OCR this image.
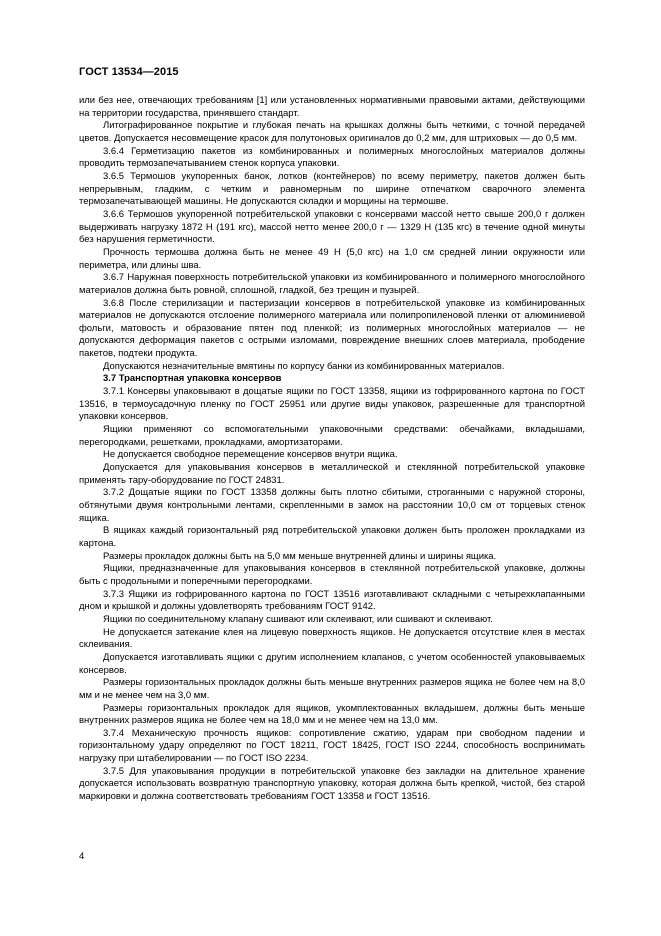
ГОСТ 13534—2015

или без нее, отвечающих требованиям [1] или установленных нормативными правовыми актами, действующими на территории государства, принявшего стандарт.

Литографированное покрытие и глубокая печать на крышках должны быть четкими, с точной передачей цветов. Допускается несовмещение красок для полутоновых оригиналов до 0,2 мм, для штриховых — до 0,5 мм.

3.6.4 Герметизацию пакетов из комбинированных и полимерных многослойных материалов должны проводить термозапечатыванием стенок корпуса упаковки.

3.6.5 Термошов укупоренных банок, лотков (контейнеров) по всему периметру, пакетов должен быть непрерывным, гладким, с четким и равномерным по ширине отпечатком сварочного элемента термозапечатывающей машины. Не допускаются складки и морщины на термошве.

3.6.6 Термошов укупоренной потребительской упаковки с консервами массой нетто свыше 200,0 г должен выдерживать нагрузку 1872 Н (191 кгс), массой нетто менее 200,0 г — 1329 Н (135 кгс) в течение одной минуты без нарушения герметичности.

Прочность термошва должна быть не менее 49 Н (5,0 кгс) на 1,0 см средней линии окружности или периметра, или длины шва.

3.6.7 Наружная поверхность потребительской упаковки из комбинированного и полимерного многослойного материалов должна быть ровной, сплошной, гладкой, без трещин и пузырей.

3.6.8 После стерилизации и пастеризации консервов в потребительской упаковке из комбинированных материалов не допускаются отслоение полимерного материала или полипропиленовой пленки от алюминиевой фольги, матовость и образование пятен под пленкой; из полимерных многослойных материалов — не допускаются деформация пакетов с острыми изломами, повреждение внешних слоев материала, прободение пакетов, подтеки продукта.

Допускаются незначительные вмятины по корпусу банки из комбинированных материалов.

3.7 Транспортная упаковка консервов

3.7.1 Консервы упаковывают в дощатые ящики по ГОСТ 13358, ящики из гофрированного картона по ГОСТ 13516, в термоусадочную пленку по ГОСТ 25951 или другие виды упаковок, разрешенные для транспортной упаковки консервов.

Ящики применяют со вспомогательными упаковочными средствами: обечайками, вкладышами, перегородками, решетками, прокладками, амортизаторами.

Не допускается свободное перемещение консервов внутри ящика.

Допускается для упаковывания консервов в металлической и стеклянной потребительской упаковке применять тару-оборудование по ГОСТ 24831.

3.7.2 Дощатые ящики по ГОСТ 13358 должны быть плотно сбитыми, строганными с наружной стороны, обтянутыми двумя контрольными лентами, скрепленными в замок на расстоянии 10,0 см от торцевых стенок ящика.

В ящиках каждый горизонтальный ряд потребительской упаковки должен быть проложен прокладками из картона.

Размеры прокладок должны быть на 5,0 мм меньше внутренней длины и ширины ящика.

Ящики, предназначенные для упаковывания консервов в стеклянной потребительской упаковке, должны быть с продольными и поперечными перегородками.

3.7.3 Ящики из гофрированного картона по ГОСТ 13516 изготавливают складными с четырехклапанными дном и крышкой и должны удовлетворять требованиям ГОСТ 9142.

Ящики по соединительному клапану сшивают или склеивают, или сшивают и склеивают.

Не допускается затекание клея на лицевую поверхность ящиков. Не допускается отсутствие клея в местах склеивания.

Допускается изготавливать ящики с другим исполнением клапанов, с учетом особенностей упаковываемых консервов.

Размеры горизонтальных прокладок должны быть меньше внутренних размеров ящика не более чем на 8,0 мм и не менее чем на 3,0 мм.

Размеры горизонтальных прокладок для ящиков, укомплектованных вкладышем, должны быть меньше внутренних размеров ящика не более чем на 18,0 мм и не менее чем на 13,0 мм.

3.7.4 Механическую прочность ящиков: сопротивление сжатию, ударам при свободном падении и горизонтальному удару определяют по ГОСТ 18211, ГОСТ 18425, ГОСТ ISO 2244, способность воспринимать нагрузку при штабелировании — по ГОСТ ISO 2234.

3.7.5 Для упаковывания продукции в потребительской упаковке без закладки на длительное хранение допускается использовать возвратную транспортную упаковку, которая должна быть крепкой, чистой, без старой маркировки и должна соответствовать требованиям ГОСТ 13358 и ГОСТ 13516.

4
